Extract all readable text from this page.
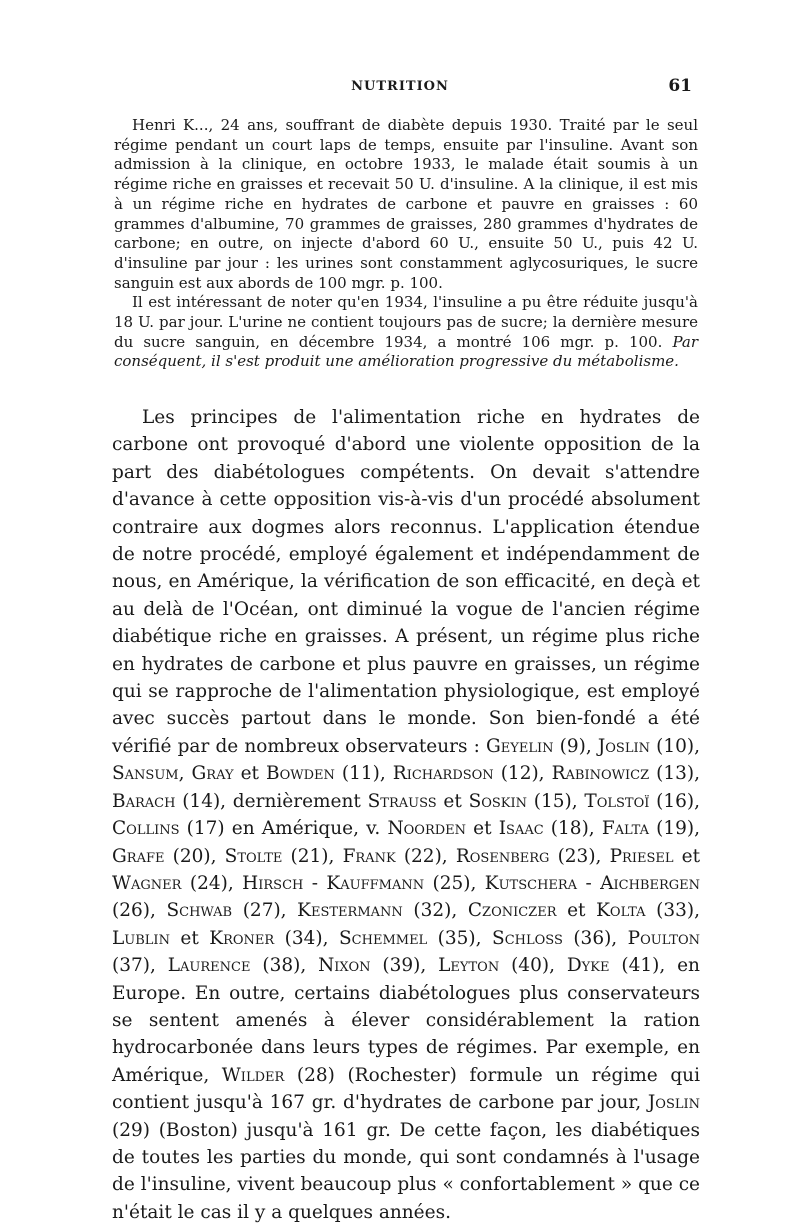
NUTRITION	61

Henri K..., 24 ans, souffrant de diabète depuis 1930. Traité par le seul régime pendant un court laps de temps, ensuite par l'insuline. Avant son admission à la clinique, en octobre 1933, le malade était soumis à un régime riche en graisses et recevait 50 U. d'insuline. A la clinique, il est mis à un régime riche en hydrates de carbone et pauvre en graisses : 60 grammes d'albumine, 70 grammes de graisses, 280 grammes d'hydrates de carbone; en outre, on injecte d'abord 60 U., ensuite 50 U., puis 42 U. d'insuline par jour : les urines sont constamment aglycosuriques, le sucre sanguin est aux abords de 100 mgr. p. 100.

Il est intéressant de noter qu'en 1934, l'insuline a pu être réduite jusqu'à 18 U. par jour. L'urine ne contient toujours pas de sucre; la dernière mesure du sucre sanguin, en décembre 1934, a montré 106 mgr. p. 100. Par conséquent, il s'est produit une amélioration progressive du métabolisme.

Les principes de l'alimentation riche en hydrates de carbone ont provoqué d'abord une violente opposition de la part des diabétologues compétents. On devait s'attendre d'avance à cette opposition vis-à-vis d'un procédé absolument contraire aux dogmes alors reconnus. L'application étendue de notre procédé, employé également et indépendamment de nous, en Amérique, la vérification de son efficacité, en deçà et au delà de l'Océan, ont diminué la vogue de l'ancien régime diabétique riche en graisses. A présent, un régime plus riche en hydrates de carbone et plus pauvre en graisses, un régime qui se rapproche de l'alimentation physiologique, est employé avec succès partout dans le monde. Son bien-fondé a été vérifié par de nombreux observateurs : Geyelin (9), Joslin (10), Sansum, Gray et Bowden (11), Richardson (12), Rabinowicz (13), Barach (14), dernièrement Strauss et Soskin (15), Tolstoï (16), Collins (17) en Amérique, v. Noorden et Isaac (18), Falta (19), Grafe (20), Stolte (21), Frank (22), Rosenberg (23), Priesel et Wagner (24), Hirsch - Kauffmann (25), Kutschera - Aichbergen (26), Schwab (27), Kestermann (32), Czoniczer et Kolta (33), Lublin et Kroner (34), Schemmel (35), Schloss (36), Poulton (37), Laurence (38), Nixon (39), Leyton (40), Dyke (41), en Europe. En outre, certains diabétologues plus conservateurs se sentent amenés à élever considérablement la ration hydrocarbonée dans leurs types de régimes. Par exemple, en Amérique, Wilder (28) (Rochester) formule un régime qui contient jusqu'à 167 gr. d'hydrates de carbone par jour, Joslin (29) (Boston) jusqu'à 161 gr. De cette façon, les diabétiques de toutes les parties du monde, qui sont condamnés à l'usage de l'insuline, vivent beaucoup plus « confortablement » que ce n'était le cas il y a quelques années.
